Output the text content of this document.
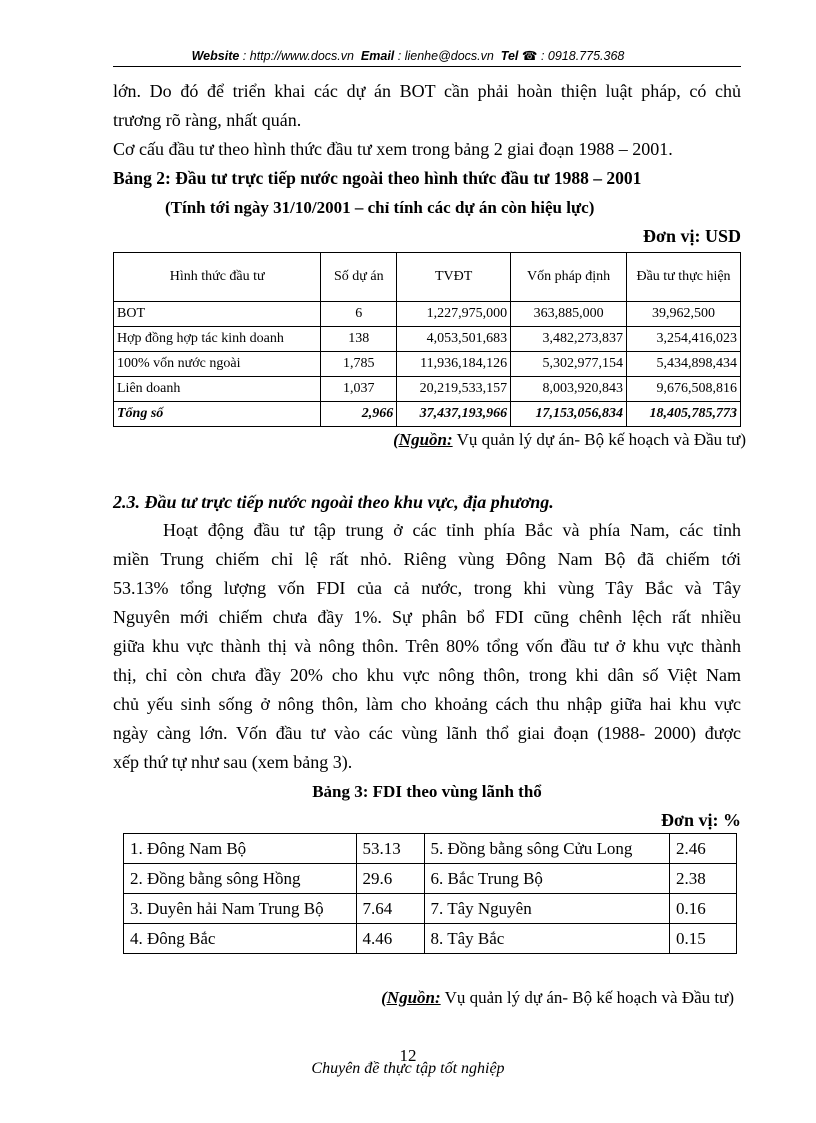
Website : http://www.docs.vn Email : lienhe@docs.vn Tel ☎ : 0918.775.368
lớn. Do đó để triển khai các dự án BOT cần phải hoàn thiện luật pháp, có chủ
trương rõ ràng, nhất quán.
Cơ cấu đầu tư theo hình thức đầu tư xem trong bảng 2 giai đoạn 1988 – 2001.
Bảng 2: Đầu tư trực tiếp nước ngoài theo hình thức đầu tư 1988 – 2001
(Tính tới ngày 31/10/2001 – chỉ tính các dự án còn hiệu lực)
Đơn vị: USD
Hình thức đầu tư	Số dự án	TVĐT	Vốn pháp định	Đầu tư thực hiện
BOT	6	1,227,975,000	363,885,000	39,962,500
Hợp đồng hợp tác kinh doanh	138	4,053,501,683	3,482,273,837	3,254,416,023
100% vốn nước ngoài	1,785	11,936,184,126	5,302,977,154	5,434,898,434
Liên doanh	1,037	20,219,533,157	8,003,920,843	9,676,508,816
Tổng số	2,966	37,437,193,966	17,153,056,834	18,405,785,773
(Nguồn: Vụ quản lý dự án- Bộ kế hoạch và Đầu tư)
2.3. Đầu tư trực tiếp nước ngoài theo khu vực, địa phương.
Hoạt động đầu tư tập trung ở các tỉnh phía Bắc và phía Nam, các tỉnh
miền Trung chiếm chỉ lệ rất nhỏ. Riêng vùng Đông Nam Bộ đã chiếm tới
53.13% tổng lượng vốn FDI của cả nước, trong khi vùng Tây Bắc và Tây
Nguyên mới chiếm chưa đầy 1%. Sự phân bổ FDI cũng chênh lệch rất nhiều
giữa khu vực thành thị và nông thôn. Trên 80% tổng vốn đầu tư ở khu vực thành
thị, chỉ còn chưa đầy 20% cho khu vực nông thôn, trong khi dân số Việt Nam
chủ yếu sinh sống ở nông thôn, làm cho khoảng cách thu nhập giữa hai khu vực
ngày càng lớn. Vốn đầu tư vào các vùng lãnh thổ giai đoạn (1988- 2000) được
xếp thứ tự như sau (xem bảng 3).
Bảng 3: FDI theo vùng lãnh thổ
Đơn vị: %
1. Đông Nam Bộ	53.13	5. Đồng bằng sông Cửu Long	2.46
2. Đồng bằng sông Hồng	29.6	6. Bắc Trung Bộ	2.38
3. Duyên hải Nam Trung Bộ	7.64	7. Tây Nguyên	0.16
4. Đông Bắc	4.46	8. Tây Bắc	0.15
(Nguồn: Vụ quản lý dự án- Bộ kế hoạch và Đầu tư)
12
Chuyên đề thực tập tốt nghiệp
